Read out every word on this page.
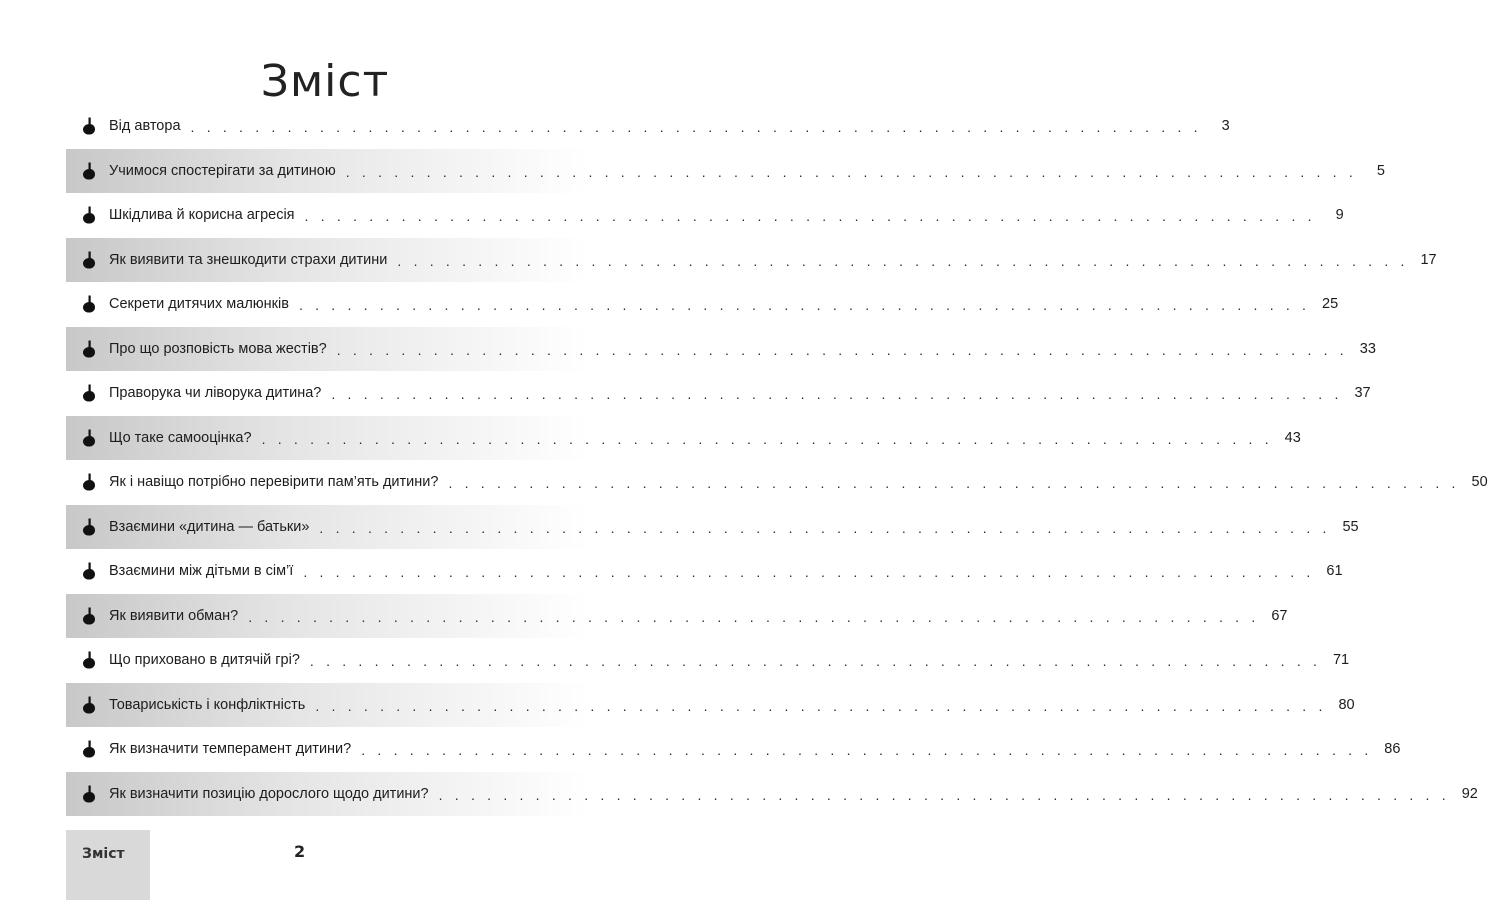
Зміст
Від автора . . . . . . . . . . . . . . . . . . . . . . . . . . . . . . . . . . . . . . . . . . . . . . . . . . . . . . . . . . . . . . .	3
Учимося спостерігати за дитиною . . . . . . . . . . . . . . . . . . . . . . . . . . . . . . . . . . . . . . . . . . . . . . . . . . . . . . . . . . . . . . .	5
Шкідлива й корисна агресія . . . . . . . . . . . . . . . . . . . . . . . . . . . . . . . . . . . . . . . . . . . . . . . . . . . . . . . . . . . . . . .	9
Як виявити та знешкодити страхи дитини . . . . . . . . . . . . . . . . . . . . . . . . . . . . . . . . . . . . . . . . . . . . . . . . . . . . . . . . . . . . . . . 17
Секрети дитячих малюнків . . . . . . . . . . . . . . . . . . . . . . . . . . . . . . . . . . . . . . . . . . . . . . . . . . . . . . . . . . . . . . . 25
Про що розповість мова жестів? . . . . . . . . . . . . . . . . . . . . . . . . . . . . . . . . . . . . . . . . . . . . . . . . . . . . . . . . . . . . . . . 33
Праворука чи ліворука дитина? . . . . . . . . . . . . . . . . . . . . . . . . . . . . . . . . . . . . . . . . . . . . . . . . . . . . . . . . . . . . . . . 37
Що таке самооцінка? . . . . . . . . . . . . . . . . . . . . . . . . . . . . . . . . . . . . . . . . . . . . . . . . . . . . . . . . . . . . . . . 43
Як і навіщо потрібно перевірити пам’ять дитини? . . . . . . . . . . . . . . . . . . . . . . . . . . . . . . . . . . . . . . . . . . . . . . . . . . . . . . . . . . . . . . . 50
Взаємини «дитина — батьки» . . . . . . . . . . . . . . . . . . . . . . . . . . . . . . . . . . . . . . . . . . . . . . . . . . . . . . . . . . . . . . . 55
Взаємини між дітьми в сім’ї . . . . . . . . . . . . . . . . . . . . . . . . . . . . . . . . . . . . . . . . . . . . . . . . . . . . . . . . . . . . . . . 61
Як виявити обман? . . . . . . . . . . . . . . . . . . . . . . . . . . . . . . . . . . . . . . . . . . . . . . . . . . . . . . . . . . . . . . . 67
Що приховано в дитячій грі? . . . . . . . . . . . . . . . . . . . . . . . . . . . . . . . . . . . . . . . . . . . . . . . . . . . . . . . . . . . . . . . 71
Товариськість і конфліктність . . . . . . . . . . . . . . . . . . . . . . . . . . . . . . . . . . . . . . . . . . . . . . . . . . . . . . . . . . . . . . . 80
Як визначити темперамент дитини? . . . . . . . . . . . . . . . . . . . . . . . . . . . . . . . . . . . . . . . . . . . . . . . . . . . . . . . . . . . . . . . 86
Як визначити позицію дорослого щодо дитини? . . . . . . . . . . . . . . . . . . . . . . . . . . . . . . . . . . . . . . . . . . . . . . . . . . . . . . . . . . . . . . . 92
Зміст	2
